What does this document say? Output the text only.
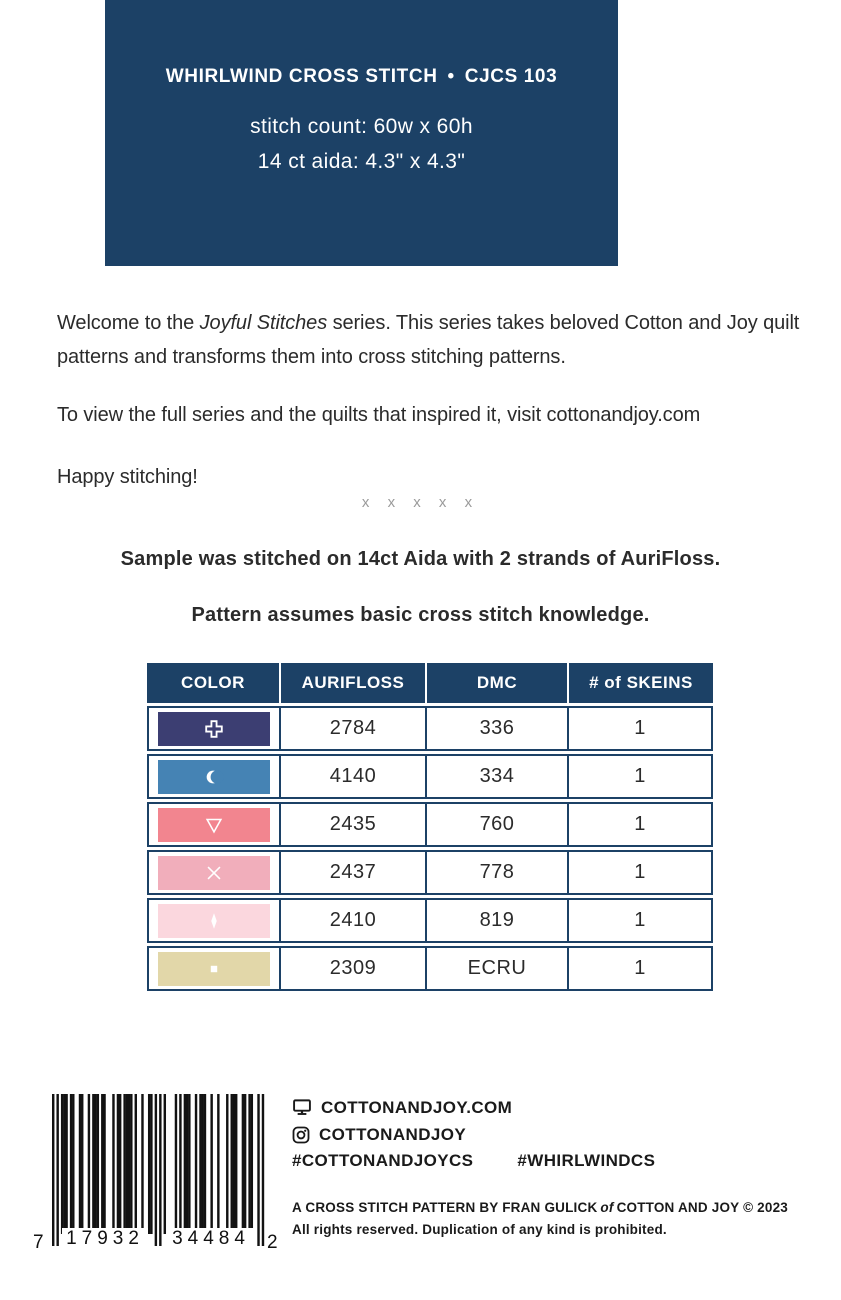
WHIRLWIND CROSS STITCH • CJCS 103
stitch count: 60w x 60h
14 ct aida: 4.3" x 4.3"
Welcome to the Joyful Stitches series. This series takes beloved Cotton and Joy quilt patterns and transforms them into cross stitching patterns.
To view the full series and the quilts that inspired it, visit cottonandjoy.com
Happy stitching!
x x x x x
Sample was stitched on 14ct Aida with 2 strands of AuriFloss.
Pattern assumes basic cross stitch knowledge.
COLOR	AURIFLOSS	DMC	# of SKEINS

	2784	336	1

	4140	334	1

	2435	760	1

	2437	778	1

	2410	819	1

	2309	ECRU	1
7 17932 34484 2
COTTONANDJOY.COM
COTTONANDJOY
#COTTONANDJOYCS	#WHIRLWINDCS
A CROSS STITCH PATTERN BY FRAN GULICK of COTTON AND JOY © 2023
All rights reserved. Duplication of any kind is prohibited.
